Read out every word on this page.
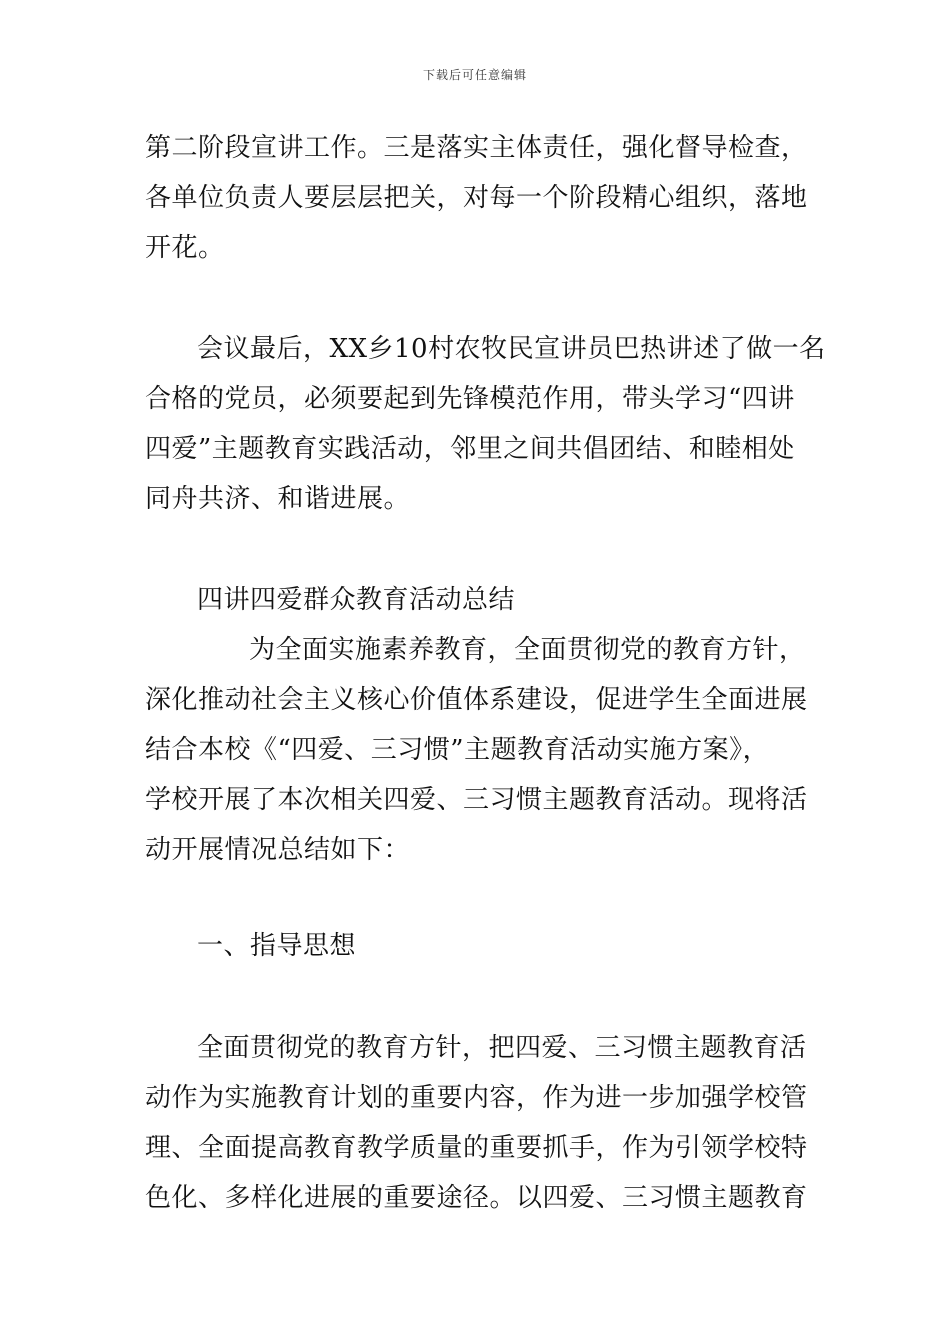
下载后可任意编辑
第二阶段宣讲工作。三是落实主体责任，强化督导检查，
各单位负责人要层层把关，对每一个阶段精心组织，落地
开花。
会议最后，XX乡10村农牧民宣讲员巴热讲述了做一名
合格的党员，必须要起到先锋模范作用，带头学习“四讲
四爱”主题教育实践活动，邻里之间共倡团结、和睦相处
同舟共济、和谐进展。
四讲四爱群众教育活动总结
为全面实施素养教育，全面贯彻党的教育方针，
深化推动社会主义核心价值体系建设，促进学生全面进展
结合本校《“四爱、三习惯”主题教育活动实施方案》，
学校开展了本次相关四爱、三习惯主题教育活动。现将活
动开展情况总结如下：
一、指导思想
全面贯彻党的教育方针，把四爱、三习惯主题教育活
动作为实施教育计划的重要内容，作为进一步加强学校管
理、全面提高教育教学质量的重要抓手，作为引领学校特
色化、多样化进展的重要途径。以四爱、三习惯主题教育
